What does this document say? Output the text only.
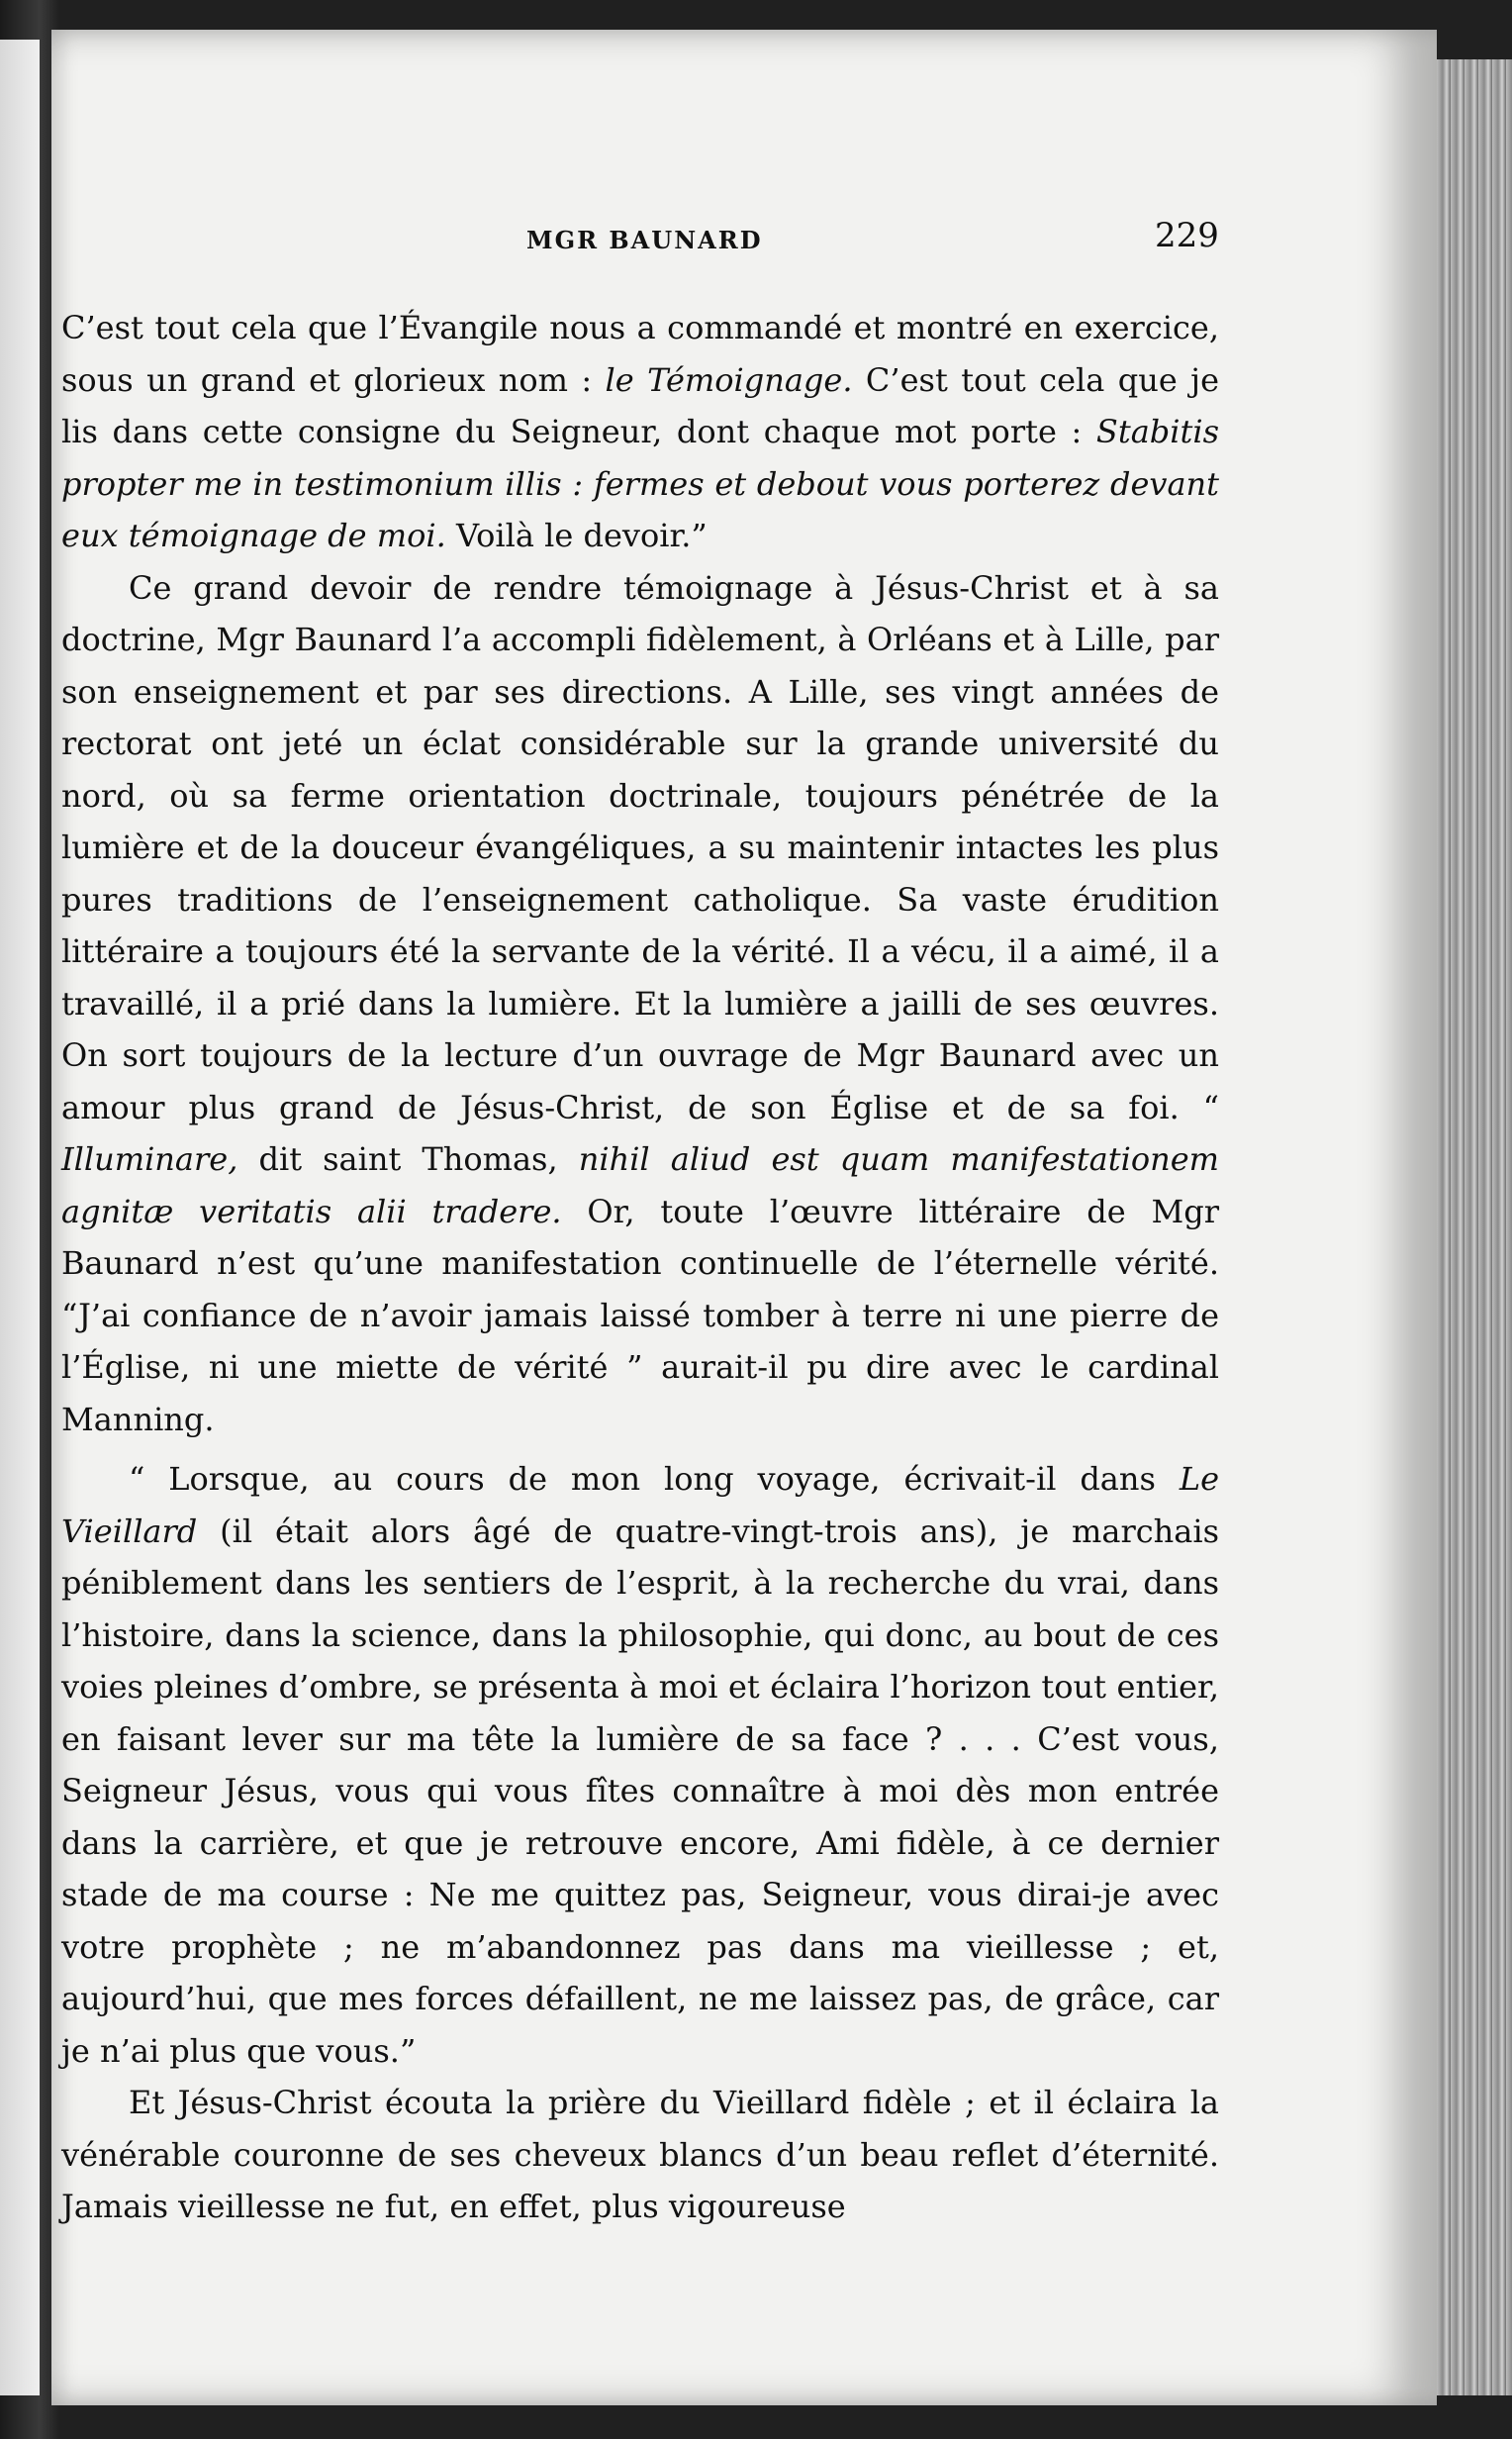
MGR BAUNARD	229

C’est tout cela que l’Évangile nous a commandé et montré en exercice, sous un grand et glorieux nom : le Témoignage. C’est tout cela que je lis dans cette consigne du Seigneur, dont chaque mot porte : Stabitis propter me in testimonium illis : fermes et debout vous porterez devant eux témoignage de moi. Voilà le devoir.”

Ce grand devoir de rendre témoignage à Jésus-Christ et à sa doctrine, Mgr Baunard l’a accompli fidèlement, à Orléans et à Lille, par son enseignement et par ses directions. A Lille, ses vingt années de rectorat ont jeté un éclat considérable sur la grande université du nord, où sa ferme orientation doctrinale, toujours pénétrée de la lumière et de la douceur évangéliques, a su maintenir intactes les plus pures traditions de l’enseignement catholique. Sa vaste érudition littéraire a toujours été la servante de la vérité. Il a vécu, il a aimé, il a travaillé, il a prié dans la lumière. Et la lumière a jailli de ses œuvres. On sort toujours de la lecture d’un ouvrage de Mgr Baunard avec un amour plus grand de Jésus-Christ, de son Église et de sa foi. “ Illuminare, dit saint Thomas, nihil aliud est quam manifestationem agnitæ veritatis alii tradere. Or, toute l’œuvre littéraire de Mgr Baunard n’est qu’une manifestation continuelle de l’éternelle vérité. “J’ai confiance de n’avoir jamais laissé tomber à terre ni une pierre de l’Église, ni une miette de vérité ” aurait-il pu dire avec le cardinal Manning.

“ Lorsque, au cours de mon long voyage, écrivait-il dans Le Vieillard (il était alors âgé de quatre-vingt-trois ans), je marchais péniblement dans les sentiers de l’esprit, à la recherche du vrai, dans l’histoire, dans la science, dans la philosophie, qui donc, au bout de ces voies pleines d’ombre, se présenta à moi et éclaira l’horizon tout entier, en faisant lever sur ma tête la lumière de sa face ? . . . C’est vous, Seigneur Jésus, vous qui vous fîtes connaître à moi dès mon entrée dans la carrière, et que je retrouve encore, Ami fidèle, à ce dernier stade de ma course : Ne me quittez pas, Seigneur, vous dirai-je avec votre prophète ; ne m’abandonnez pas dans ma vieillesse ; et, aujourd’hui, que mes forces défaillent, ne me laissez pas, de grâce, car je n’ai plus que vous.”

Et Jésus-Christ écouta la prière du Vieillard fidèle ; et il éclaira la vénérable couronne de ses cheveux blancs d’un beau reflet d’éternité. Jamais vieillesse ne fut, en effet, plus vigoureuse
